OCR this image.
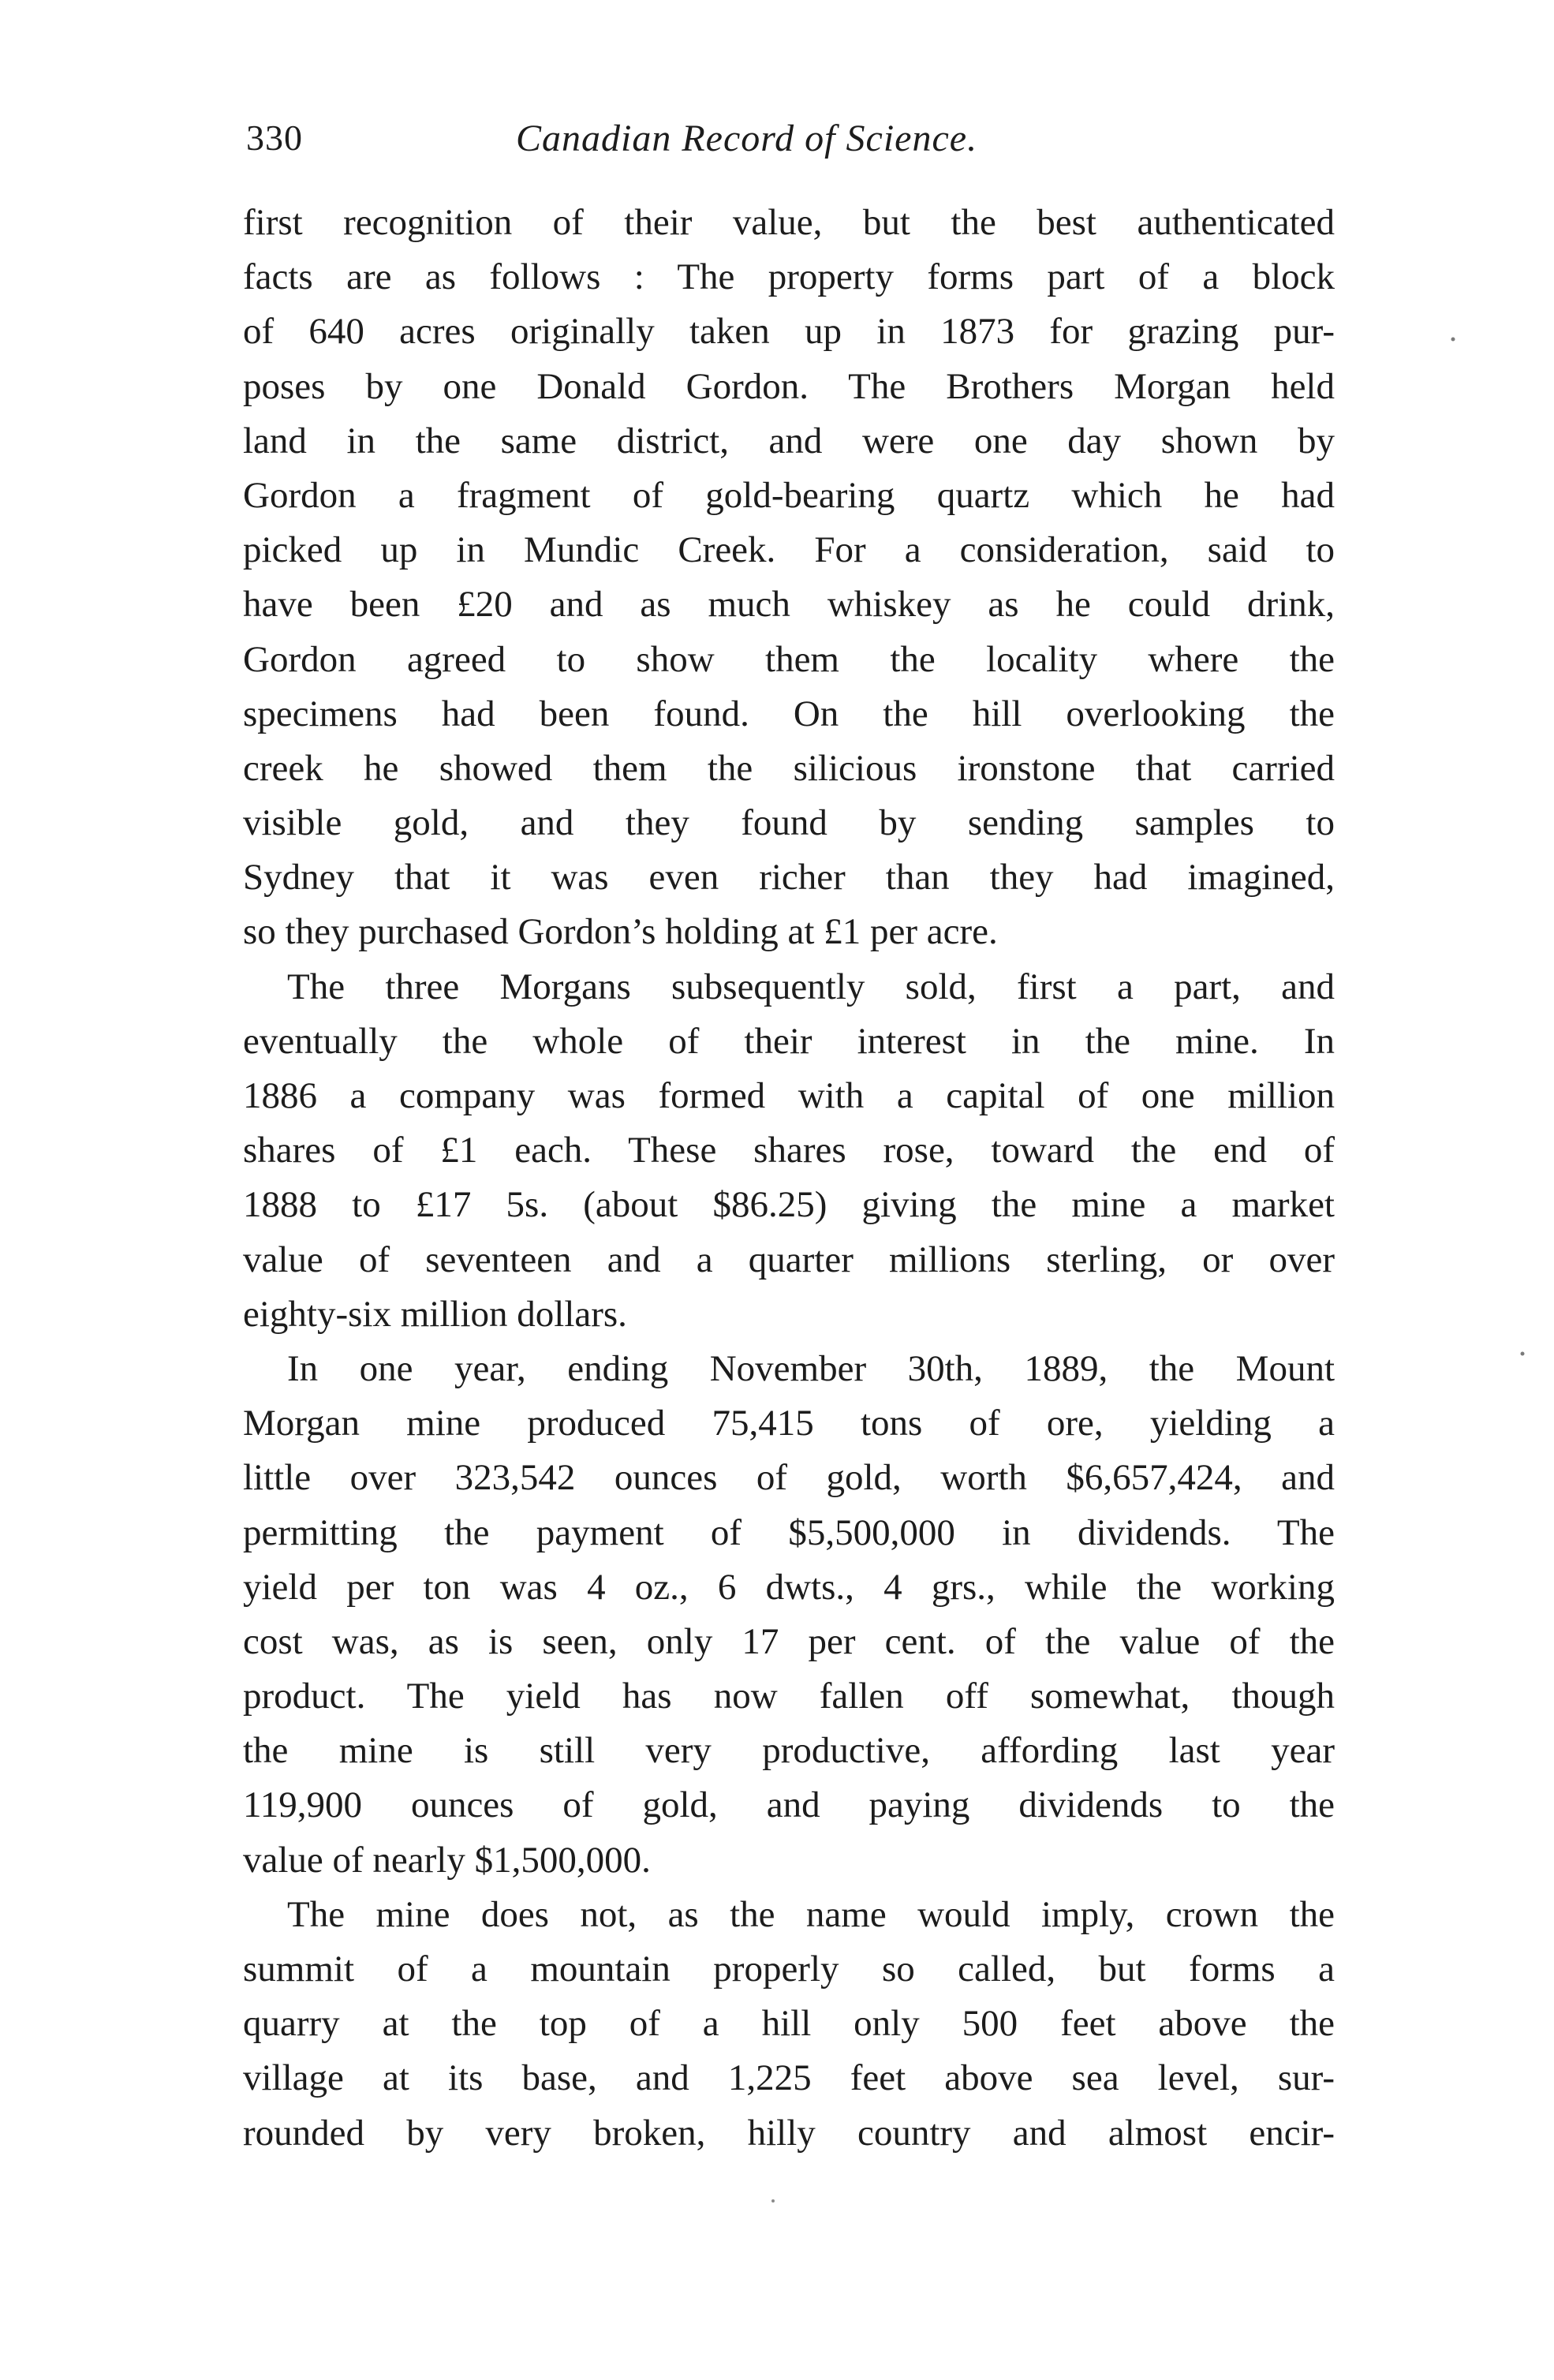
330	Canadian Record of Science.
first recognition of their value, but the best authenticated
facts are as follows : The property forms part of a block
of 640 acres originally taken up in 1873 for grazing pur-
poses by one Donald Gordon. The Brothers Morgan held
land in the same district, and were one day shown by
Gordon a fragment of gold-bearing quartz which he had
picked up in Mundic Creek. For a consideration, said to
have been £20 and as much whiskey as he could drink,
Gordon agreed to show them the locality where the
specimens had been found. On the hill overlooking the
creek he showed them the silicious ironstone that carried
visible gold, and they found by sending samples to
Sydney that it was even richer than they had imagined,
so they purchased Gordon’s holding at £1 per acre.
The three Morgans subsequently sold, first a part, and
eventually the whole of their interest in the mine. In
1886 a company was formed with a capital of one million
shares of £1 each. These shares rose, toward the end of
1888 to £17 5s. (about $86.25) giving the mine a market
value of seventeen and a quarter millions sterling, or over
eighty-six million dollars.
In one year, ending November 30th, 1889, the Mount
Morgan mine produced 75,415 tons of ore, yielding a
little over 323,542 ounces of gold, worth $6,657,424, and
permitting the payment of $5,500,000 in dividends. The
yield per ton was 4 oz., 6 dwts., 4 grs., while the working
cost was, as is seen, only 17 per cent. of the value of the
product. The yield has now fallen off somewhat, though
the mine is still very productive, affording last year
119,900 ounces of gold, and paying dividends to the
value of nearly $1,500,000.
The mine does not, as the name would imply, crown the
summit of a mountain properly so called, but forms a
quarry at the top of a hill only 500 feet above the
village at its base, and 1,225 feet above sea level, sur-
rounded by very broken, hilly country and almost encir-
